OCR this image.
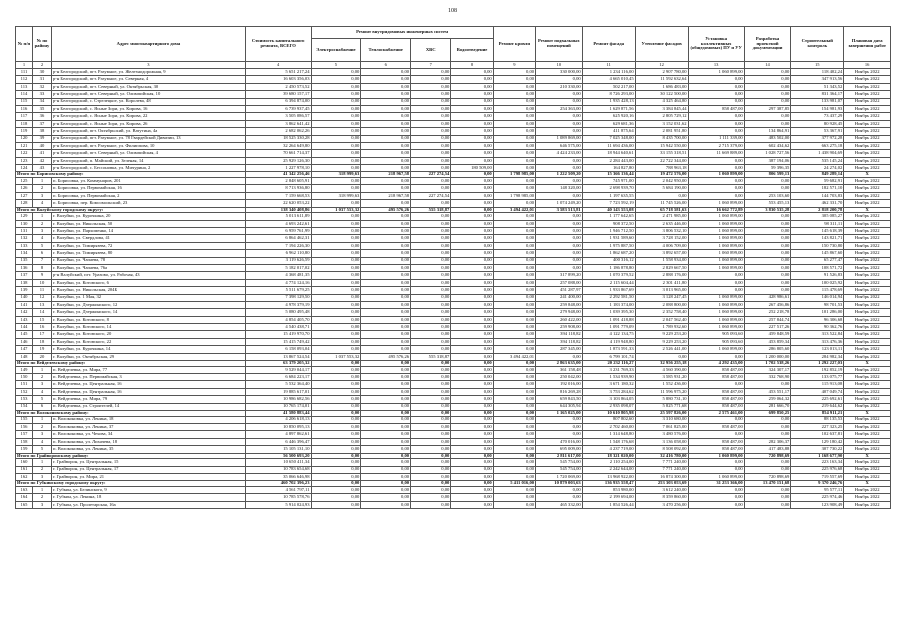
108
№ п/п	№ по району	Адрес многоквартирного дома	Стоимость капитального ремонта, ВСЕГО	Ремонт внутридомовых инженерных систем				Ремонт кровли	Ремонт подвальных помещений	Ремонт фасада	Утепление фасадов	Установка коллективных (общедомовых) ПУ и УУ	Разработка проектной документации	Строительный контроль	Плановая дата завершения работ
				Электроснабжение	Теплоснабжение	ХВС	Водоотведение								
1	2	3	4	5	6	7	8	9	10	11	12	13	14	15	16
111	30	р-н Белгородский, пгт. Разумное, ул. Железнодорожная, 9	5 651 217,24	0,00	0,00	0,00	0,00	0,00	330 000,00	1 234 116,00	2 907 780,00	1 060 899,00	0,00	118 402,24	Ноябрь 2022
112	31	р-н Белгородский, пгт. Разумное, ул. Северная, 4	16 603 356,03	0,00	0,00	0,00	0,00	0,00	0,00	4 665 010,45	11 592 632,64	0,00	0,00	347 913,56	Ноябрь 2022
113	32	р-н Белгородский, пгт. Северный, ул. Октябрьская, 30	2 450 573,52	0,00	0,00	0,00	0,00	0,00	210 330,00	502 217,00	1 686 483,00	0,00	0,00	51 343,52	Ноябрь 2022
114	33	р-н Белгородский, пгт. Северный, ул. Олимпийская, 10	39 680 157,17	0,00	0,00	0,00	0,00	0,00	0,00	8 726 293,00	30 122 500,00	0,00	0,00	831 364,17	Ноябрь 2022
115	34	р-н Белгородский, с. Стрелецкое, ул. Королева, 48	6 394 874,00	0,00	0,00	0,00	0,00	0,00	0,00	1 935 428,13	4 325 464,80	0,00	0,00	133 981,07	Ноябрь 2022
116	35	р-н Белгородский, с. Ясные Зори, ул. Кирова, 16	6 739 937,45	0,00	0,00	0,00	0,00	0,00	254 363,00	1 629 871,56	3 384 845,44	858 487,00	297 387,85	154 981,93	Ноябрь 2022
117	36	р-н Белгородский, с. Ясные Зори, ул. Кирова, 22	3 505 086,57	0,00	0,00	0,00	0,00	0,00	0,00	625 920,16	2 805 729,12	0,00	0,00	73 437,29	Ноябрь 2022
118	37	р-н Белгородский, с. Ясные Зори, ул. Кирова, 26	3 862 641,42	0,00	0,00	0,00	0,00	0,00	0,00	629 681,36	3 152 031,62	0,00	0,00	80 928,45	Ноябрь 2022
119	38	р-н Белгородский, пгт. Октябрьский, ул. Ватутина, 4а	2 682 062,26	0,00	0,00	0,00	0,00	0,00	0,00	411 875,64	2 081 951,80	0,00	134 864,91	53 367,91	Ноябрь 2022
120	39	р-н Белгородский, пгт. Разумное, ул. 78 Гвардейской Дивизии, 13	18 525 330,28	0,00	0,00	0,00	0,00	0,00	1 089 869,00	7 025 348,00	8 435 700,00	1 111 339,00	483 502,00	377 972,28	Ноябрь 2022
121	40	р-н Белгородский, пгт. Разумное, ул. Филиппова, 10	32 264 649,80	0,00	0,00	0,00	0,00	0,00	646 575,00	11 694 436,00	15 942 550,00	2 715 379,00	602 434,62	663 275,18	Ноябрь 2022
122	41	р-н Белгородский, пгт. Северный, ул. Олимпийская, 4	70 661 714,37	0,00	0,00	0,00	0,00	0,00	4 424 233,00	18 944 640,61	33 155 318,51	11 669 889,00	1 028 727,56	1 438 904,69	Ноябрь 2022
123	42	р-н Белгородский, п. Майский, ул. Зеленая, 14	25 929 126,30	0,00	0,00	0,00	0,00	0,00	0,00	2 284 443,00	22 722 344,00	0,00	387 194,06	535 145,24	Ноябрь 2022
124	43	р-н Белгородский, с. Бессоновка, ул. Мичурина, 2	1 227 978,10	0,00	0,00	0,00	180 509,00	0,00	0,00	164 827,80	788 963,18	0,00	59 396,35	24 274,02	Ноябрь 2022
Итого по Борисовскому району:			41 342 256,46	318 999,63	218 967,58	227 274,54	0,00	1 798 985,00	1 222 509,20	15 366 136,44	19 472 576,00	1 060 899,00	806 599,13	849 289,14	Х
125	1	п. Борисовка, ул. Коммунаров, 201	2 848 605,91	0,00	0,00	0,00	0,00	0,00	0,00	745 971,00	2 042 950,00	0,00	0,00	59 682,91	Ноябрь 2022
126	2	п. Борисовка, ул. Первомайская, 16	8 713 936,80	0,00	0,00	0,00	0,00	0,00	148 320,00	2 698 939,70	5 684 190,00	0,00	0,00	182 571,10	Ноябрь 2022
127	3	п. Борисовка, ул. Первомайская, 2	7 159 668,53	318 999,63	218 967,58	227 274,54	0,00	1 798 985,00	0,00	1 197 635,55	0,00	0,00	253 103,60	144 703,83	Ноябрь 2022
128	4	п. Борисовка, пер. Комсомольский, 23	22 620 053,22	0,00	0,00	0,00	0,00	0,00	1 074 249,20	7 723 592,19	11 745 526,00	1 060 899,00	553 455,13	462 331,70	Ноябрь 2022
Итого по Валуйскому городскому округу:			138 340 408,86	1 037 553,32	495 576,26	555 318,87	0,00	3 494 422,01	3 583 513,81	40 143 553,08	65 718 581,63	16 662 772,89	3 830 535,28	2 818 200,78	Х
129	1	г. Валуйки, ул. Курочкина, 20	5 013 611,89	0,00	0,00	0,00	0,00	0,00	0,00	1 177 642,65	2 471 985,00	1 060 899,00	0,00	305 085,27	Ноябрь 2022
130	2	г. Валуйки, ул. Никольская, 50	4 693 242,61	0,00	0,00	0,00	0,00	0,00	0,00	908 372,50	2 635 446,00	1 060 899,00	0,00	98 311,11	Ноябрь 2022
131	3	г. Валуйки, ул. Пархоменко, 14	6 959 761,99	0,00	0,00	0,00	0,00	0,00	0,00	1 946 712,50	3 806 532,10	1 060 899,00	0,00	145 618,39	Ноябрь 2022
132	4	г. Валуйки, ул. Свердлова, 41	6 864 462,31	0,00	0,00	0,00	0,00	0,00	0,00	1 931 589,60	3 728 152,00	1 060 899,00	0,00	143 821,71	Ноябрь 2022
133	5	г. Валуйки, ул. Тимирязева, 72	7 194 226,30	0,00	0,00	0,00	0,00	0,00	0,00	1 975 887,50	4 006 709,00	1 060 899,00	0,00	150 730,80	Ноябрь 2022
134	6	г. Валуйки, ул. Тимирязева, 80	6 962 110,80	0,00	0,00	0,00	0,00	0,00	0,00	1 862 687,20	3 892 657,00	1 060 899,00	0,00	145 867,60	Ноябрь 2022
135	7	г. Валуйки, ул. Чапаева, 78	3 119 626,59	0,00	0,00	0,00	0,00	0,00	0,00	400 316,12	1 558 934,00	1 060 899,00	0,00	65 277,47	Ноябрь 2022
136	8	г. Валуйки, ул. Чапаева, 76а	5 182 017,02	0,00	0,00	0,00	0,00	0,00	0,00	1 186 878,80	2 829 667,50	1 060 899,00	0,00	108 571,72	Ноябрь 2022
137	9	р-н Валуйский, пгт. Уразово, ул. Рабочая, 43	4 368 481,35	0,00	0,00	0,00	0,00	0,00	317 899,20	1 070 379,52	2 888 176,00	0,00	0,00	91 526,83	Ноябрь 2022
138	10	г. Валуйки, ул. Котовского, 6	4 774 124,16	0,00	0,00	0,00	0,00	0,00	257 088,00	2 115 604,44	2 301 411,80	0,00	0,00	100 025,92	Ноябрь 2022
139	11	г. Валуйки, ул. Никольская, 204Б	5 511 679,25	0,00	0,00	0,00	0,00	0,00	451 287,97	1 933 867,69	3 013 965,00	0,00	0,00	115 478,69	Ноябрь 2022
140	12	г. Валуйки, ул. 1 Мая, 32	7 398 129,50	0,00	0,00	0,00	0,00	0,00	241 400,00	2 292 581,50	3 128 247,45	1 060 899,00	428 986,61	146 014,94	Ноябрь 2022
141	13	г. Валуйки, ул. Дзержинского, 12	4 978 379,19	0,00	0,00	0,00	0,00	0,00	259 848,00	1 183 374,00	2 088 800,00	1 060 899,00	267 456,86	98 701,53	Ноябрь 2022
142	14	г. Валуйки, ул. Дзержинского, 14	5 080 495,48	0,00	0,00	0,00	0,00	0,00	279 948,00	1 039 395,30	2 352 758,40	1 060 899,00	252 218,78	101 286,00	Ноябрь 2022
143	15	г. Валуйки, ул. Котовского, 8	4 854 405,70	0,00	0,00	0,00	0,00	0,00	260 422,00	1 091 418,88	2 047 562,40	1 060 899,00	257 844,74	96 306,68	Ноябрь 2022
144	16	г. Валуйки, ул. Котовского, 14	4 540 438,71	0,00	0,00	0,00	0,00	0,00	259 908,00	1 091 779,09	1 789 932,60	1 060 899,00	227 517,26	90 362,76	Ноябрь 2022
145	17	г. Валуйки, ул. Котовского, 20	15 419 970,70	0,00	0,00	0,00	0,00	0,00	394 118,82	4 122 134,75	9 229 253,20	905 093,60	459 848,59	313 522,84	Ноябрь 2022
146	18	г. Валуйки, ул. Котовского, 22	15 415 749,42	0,00	0,00	0,00	0,00	0,00	394 118,82	4 119 948,80	9 229 253,20	905 093,60	453 859,34	313 476,36	Ноябрь 2022
147	19	г. Валуйки, ул. Курочкина, 14	6 158 093,04	0,00	0,00	0,00	0,00	0,00	287 345,00	1 873 591,33	2 526 441,00	1 060 899,00	286 805,60	123 013,11	Ноябрь 2022
148	20	г. Валуйки, ул. Октябрьская, 29	13 867 524,54	1 037 553,32	495 576,26	555 318,87	0,00	3 494 422,01	0,00	6 799 101,74	0,00	0,00	1 200 000,00	284 982,34	Ноябрь 2022
Итого по Вейделевскому району:			63 379 205,32	0,00	0,00	0,00	0,00	0,00	2 863 635,00	20 232 116,27	32 956 255,18	4 292 435,00	1 702 538,26	1 292 227,03	Х
149	1	п. Вейделевка, ул. Мира, 77	9 529 044,17	0,00	0,00	0,00	0,00	0,00	361 158,48	3 231 769,33	4 560 390,00	858 487,00	324 307,17	192 852,19	Ноябрь 2022
150	2	п. Вейделевка, ул. Первомайская, 3	6 684 223,17	0,00	0,00	0,00	0,00	0,00	250 042,00	1 534 939,90	3 585 931,20	858 487,00	332 768,90	133 075,77	Ноябрь 2022
151	3	п. Вейделевка, ул. Центральная, 16	5 532 364,40	0,00	0,00	0,00	0,00	0,00	192 016,00	3 671 180,32	1 552 436,00	0,00	0,00	115 913,08	Ноябрь 2022
152	4	п. Вейделевка, ул. Центральная, 16	19 885 617,01	0,00	0,00	0,00	0,00	0,00	816 269,28	3 753 284,62	11 596 975,20	858 487,00	453 551,17	407 049,74	Ноябрь 2022
153	5	п. Вейделевка, ул. Мира, 79	10 986 682,56	0,00	0,00	0,00	0,00	0,00	659 843,50	3 103 864,05	5 880 731,10	858 487,00	259 064,32	225 692,61	Ноябрь 2022
154	6	п. Вейделевка, ул. Строителей, 14	10 765 174,01	0,00	0,00	0,00	0,00	0,00	644 305,94	2 935 098,07	5 825 771,68	858 487,00	281 666,70	219 644,62	Ноябрь 2022
Итого по Волоконовскому району:			41 580 883,44	0,00	0,00	0,00	0,00	0,00	1 165 025,00	10 610 805,98	25 597 826,00	2 575 461,00	699 850,25	854 911,21	Х
155	1	п. Волоконовка, ул. Ленина, 18	4 206 618,13	0,00	0,00	0,00	0,00	0,00	0,00	807 802,60	3 310 680,00	0,00	0,00	88 135,53	Ноябрь 2022
156	2	п. Волоконовка, ул. Ленина, 37	10 850 095,13	0,00	0,00	0,00	0,00	0,00	0,00	2 702 460,00	7 061 825,00	858 487,00	0,00	227 323,25	Ноябрь 2022
157	3	п. Волоконовка, ул. Чехова, 34	4 897 862,61	0,00	0,00	0,00	0,00	0,00	0,00	1 314 648,80	3 480 576,00	0,00	0,00	102 637,81	Ноябрь 2022
158	4	п. Волоконовка, ул. Лихачева, 18	6 446 396,47	0,00	0,00	0,00	0,00	0,00	470 016,00	1 548 176,68	3 136 058,00	858 487,00	282 306,37	129 180,42	Ноябрь 2022
159	5	п. Волоконовка, ул. Ленина, 35	15 105 131,10	0,00	0,00	0,00	0,00	0,00	695 009,00	4 237 719,00	8 508 092,00	858 487,00	417 483,88	307 730,22	Ноябрь 2022
Итого по Грайворонскому району:			56 500 693,20	0,00	0,00	0,00	0,00	0,00	2 811 617,00	18 321 020,00	32 416 780,00	1 060 899,00	720 898,69	1 168 677,90	Х
160	1	г. Грайворон, ул. Центральная, 15	10 650 411,34	0,00	0,00	0,00	0,00	0,00	545 754,00	2 110 254,00	7 771 240,00	0,00	0,00	223 163,34	Ноябрь 2022
161	2	г. Грайворон, ул. Центральная, 17	10 783 654,68	0,00	0,00	0,00	0,00	0,00	545 754,00	2 242 644,00	7 771 240,00	0,00	0,00	225 976,68	Ноябрь 2022
162	3	г. Грайворон, ул. Мира, 21	35 066 646,98	0,00	0,00	0,00	0,00	0,00	1 720 069,00	13 968 922,00	16 874 300,00	1 060 899,00	720 898,69	719 557,69	Ноябрь 2022
Итого по Губкинскому городскому округу:			460 702 396,23	0,00	0,00	0,00	0,00	5 411 016,00	10 879 003,63	136 935 558,47	253 303 053,69	31 253 366,00	13 470 151,68	9 370 246,76	Х
163	1	г. Губкин, ул. Белинского, 9	4 561 797,11	0,00	0,00	0,00	0,00	0,00	0,00	853 980,00	3 612 240,00	0,00	0,00	95 577,11	Ноябрь 2022
164	2	г. Губкин, ул. Ленина, 18	10 785 578,76	0,00	0,00	0,00	0,00	0,00	0,00	2 199 694,00	8 359 860,00	0,00	0,00	225 974,46	Ноябрь 2022
165	3	г. Губкин, ул. Пролетарская, 16а	5 914 024,93	0,00	0,00	0,00	0,00	0,00	465 332,00	1 854 526,44	3 470 256,00	0,00	0,00	123 908,49	Ноябрь 2022
